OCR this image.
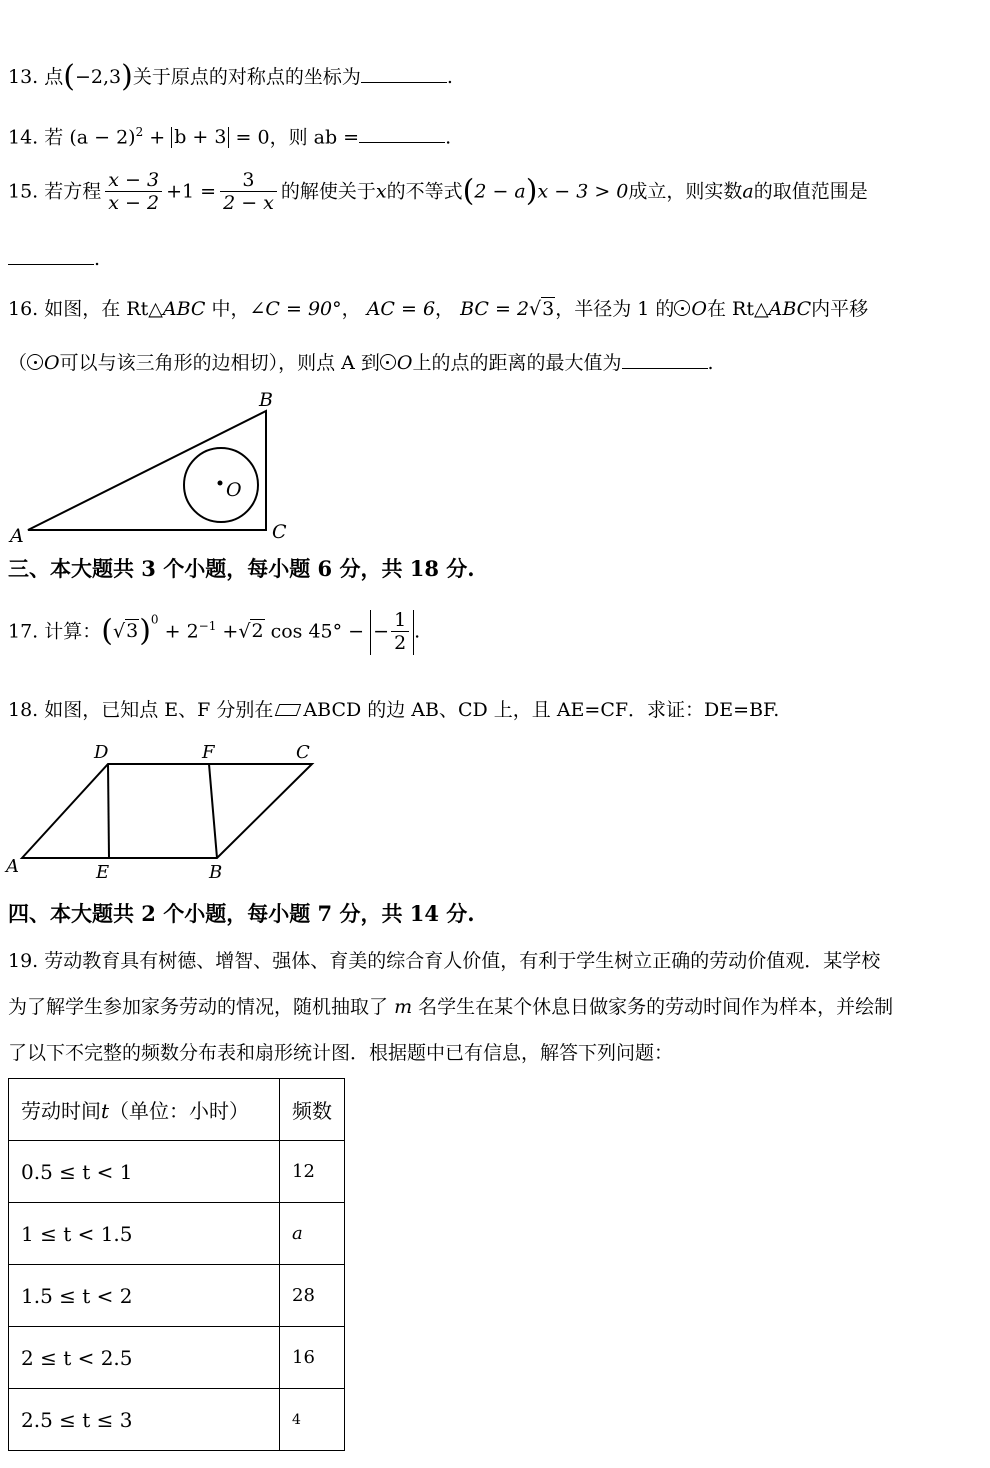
13. 点(−2,3)关于原点的对称点的坐标为	.
14. 若 $(a - 2)^2 + b + 3 = 0$，则 ab =	.
15. 若方程 $\frac{x - 3}{x - 2} +1 = \frac{3}{2 - x}$ 的解使关于x的不等式(2 − a)x − 3 > 0成立，则实数a的取值范围是
.
16. 如图，在 Rt△ABC 中，∠C = 90°， AC = 6， BC = 2√3，半径为 1 的 O在 Rt△ABC内平移
（ O可以与该三角形的边相切），则点 A 到 O上的点的距离的最大值为	.
O
B
A	C
三、本大题共 3 个小题，每小题 6 分，共 18 分.
17. 计算：$(√3)^0 + 2^{-1} +√2$ cos 45° − − $\frac{1}{2}$ .
18. 如图，已知点 E、F 分别在 ABCD 的边 AB、CD 上，且 AE=CF．求证：DE=BF.
D	F	C
A	E	B
四、本大题共 2 个小题，每小题 7 分，共 14 分.
19. 劳动教育具有树德、增智、强体、育美的综合育人价值，有利于学生树立正确的劳动价值观．某学校
为了解学生参加家务劳动的情况，随机抽取了 m 名学生在某个休息日做家务的劳动时间作为样本，并绘制
了以下不完整的频数分布表和扇形统计图．根据题中已有信息，解答下列问题：
劳动时间t（单位：小时）	频数
0.5 ≤ t < 1	12
1 ≤ t < 1.5	a
1.5 ≤ t < 2	28
2 ≤ t < 2.5	16
2.5 ≤ t ≤ 3	4
